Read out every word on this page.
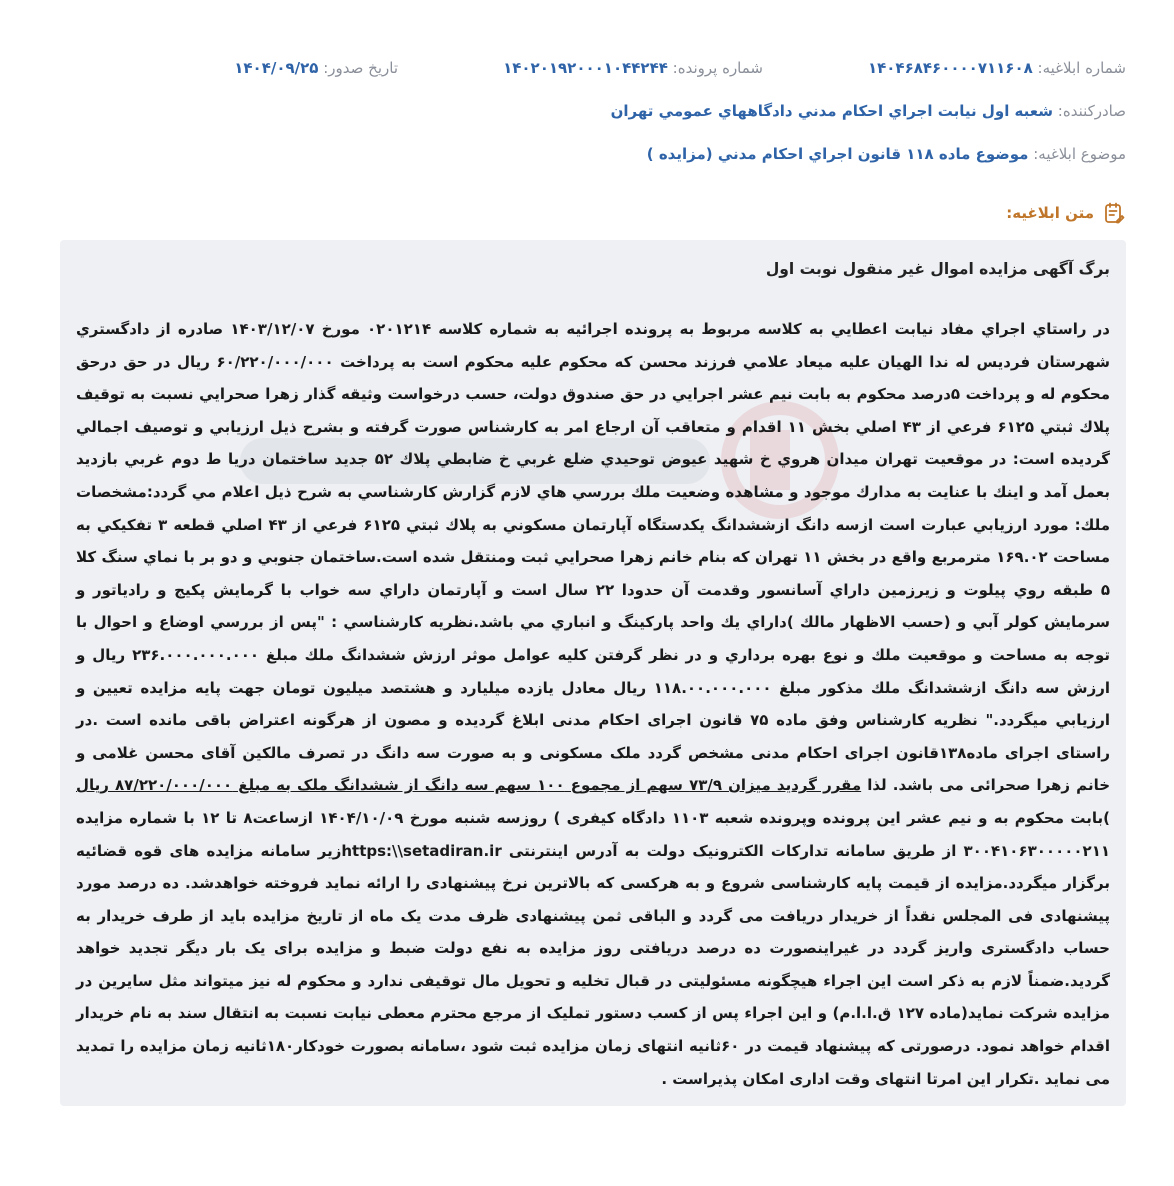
شماره ابلاغیه: ۱۴۰۴۶۸۴۶۰۰۰۰۷۱۱۶۰۸
شماره پرونده: ۱۴۰۲۰۱۹۲۰۰۰۱۰۴۴۲۴۴
تاریخ صدور: ۱۴۰۴/۰۹/۲۵
صادرکننده: شعبه اول نيابت اجراي احكام مدني دادگاههاي عمومي تهران
موضوع ابلاغیه: موضوع ماده ۱۱۸ قانون اجراي احكام مدني (مزايده )
متن ابلاغیه:
برگ آگهی مزايده اموال غير منقول نوبت اول
در راستاي اجراي مفاد نيابت اعطايي به كلاسه مربوط به پرونده اجرائيه به شماره كلاسه ۰۲۰۱۲۱۴ مورخ ۱۴۰۳/۱۲/۰۷ صادره از دادگستري شهرستان فرديس له ندا الهيان عليه ميعاد علامي فرزند محسن كه محكوم عليه محكوم است به پرداخت ۶۰/۲۲۰/۰۰۰/۰۰۰ ريال در حق درحق محكوم له و پرداخت ۵درصد محكوم به بابت نيم عشر اجرايي در حق صندوق دولت، حسب درخواست وثيقه گذار زهرا صحرايي نسبت به توقيف پلاك ثبتي ۶۱۲۵ فرعي از ۴۳ اصلي بخش ۱۱ اقدام و متعاقب آن ارجاع امر به كارشناس صورت گرفته و بشرح ذيل ارزيابي و توصيف اجمالي گرديده است: در موقعيت تهران ميدان هروي خ شهيد عيوض توحيدي ضلع غربي خ ضابطي پلاك ۵۲ جديد ساختمان دريا ط دوم غربي بازديد بعمل آمد و اينك با عنايت به مدارك موجود و مشاهده وضعيت ملك بررسي هاي لازم گزارش كارشناسي به شرح ذيل اعلام مي گردد:مشخصات ملك: مورد ارزيابي عبارت است ازسه دانگ ازششدانگ يكدستگاه آپارتمان مسكوني به پلاك ثبتي ۶۱۲۵ فرعي از ۴۳ اصلي قطعه ۳ تفكيكي به مساحت ۱۶۹.۰۲ مترمربع واقع در بخش ۱۱ تهران كه بنام خانم زهرا صحرايي ثبت ومنتقل شده است.ساختمان جنوبي و دو بر با نماي سنگ كلا ۵ طبقه روي پيلوت و زيرزمين داراي آسانسور وقدمت آن حدودا ۲۲ سال است و آپارتمان داراي سه خواب با گرمايش پكيج و رادياتور و سرمايش كولر آبي و (حسب الاظهار مالك )داراي يك واحد پاركينگ و انباري مي باشد.نظريه كارشناسي : "پس از بررسي اوضاع و احوال با توجه به مساحت و موقعيت ملك و نوع بهره برداري و در نظر گرفتن كليه عوامل موثر ارزش ششدانگ ملك مبلغ ۲۳۶.۰۰۰.۰۰۰.۰۰۰ ريال و ارزش سه دانگ ازششدانگ ملك مذكور مبلغ ۱۱۸.۰۰.۰۰۰.۰۰۰ ريال معادل يازده ميليارد و هشتصد ميليون تومان جهت پايه مزايده تعيين و ارزيابي ميگردد." نظريه كارشناس وفق ماده ۷۵ قانون اجرای احکام مدنی ابلاغ گرديده و مصون از هرگونه اعتراض باقی مانده است .در راستای اجرای ماده۱۳۸قانون اجرای احکام مدنی مشخص گردد ملک مسکونی و به صورت سه دانگ در تصرف مالکین آقای محسن غلامی و خانم زهرا صحرائی می باشد. لذا مقرر گرديد ميزان ۷۳/۹ سهم از مجموع ۱۰۰ سهم سه دانگ از ششدانگ ملک به مبلغ ۸۷/۲۲۰/۰۰۰/۰۰۰ ريال )بابت محکوم به و نيم عشر اين پرونده وپرونده شعبه ۱۱۰۳ دادگاه کيفری ) روزسه شنبه مورخ ۱۴۰۴/۱۰/۰۹ ازساعت۸ تا ۱۲ با شماره مزايده ۳۰۰۴۱۰۶۳۰۰۰۰۰۲۱۱ از طريق سامانه تدارکات الکترونيک دولت به آدرس اينترنتی https:\\setadiran.irزير سامانه مزايده های قوه قضائيه برگزار ميگردد.مزايده از قيمت پايه کارشناسی شروع و به هرکسی که بالاترين نرخ پيشنهادی را ارائه نمايد فروخته خواهدشد. ده درصد مورد پيشنهادی فی المجلس نقداً از خريدار دريافت می گردد و الباقی ثمن پيشنهادی ظرف مدت يک ماه از تاريخ مزايده بايد از طرف خريدار به حساب دادگستری واريز گردد در غيراينصورت ده درصد دريافتی روز مزايده به نفع دولت ضبط و مزايده برای يک بار ديگر تجديد خواهد گرديد.ضمناً لازم به ذکر است اين اجراء هيچگونه مسئوليتی در قبال تخليه و تحويل مال توقيفی ندارد و محکوم له نيز ميتواند مثل سايرين در مزايده شرکت نمايد(ماده ۱۲۷ ق.ا.ا.م) و اين اجراء پس از کسب دستور تمليک از مرجع محترم معطی نيابت نسبت به انتقال سند به نام خريدار اقدام خواهد نمود. درصورتی که پيشنهاد قيمت در ۶۰ثانيه انتهای زمان مزايده ثبت شود ،سامانه بصورت خودکار۱۸۰ثانيه زمان مزايده را تمديد می نمايد .تکرار اين امرتا انتهای وقت اداری امکان پذيراست .
